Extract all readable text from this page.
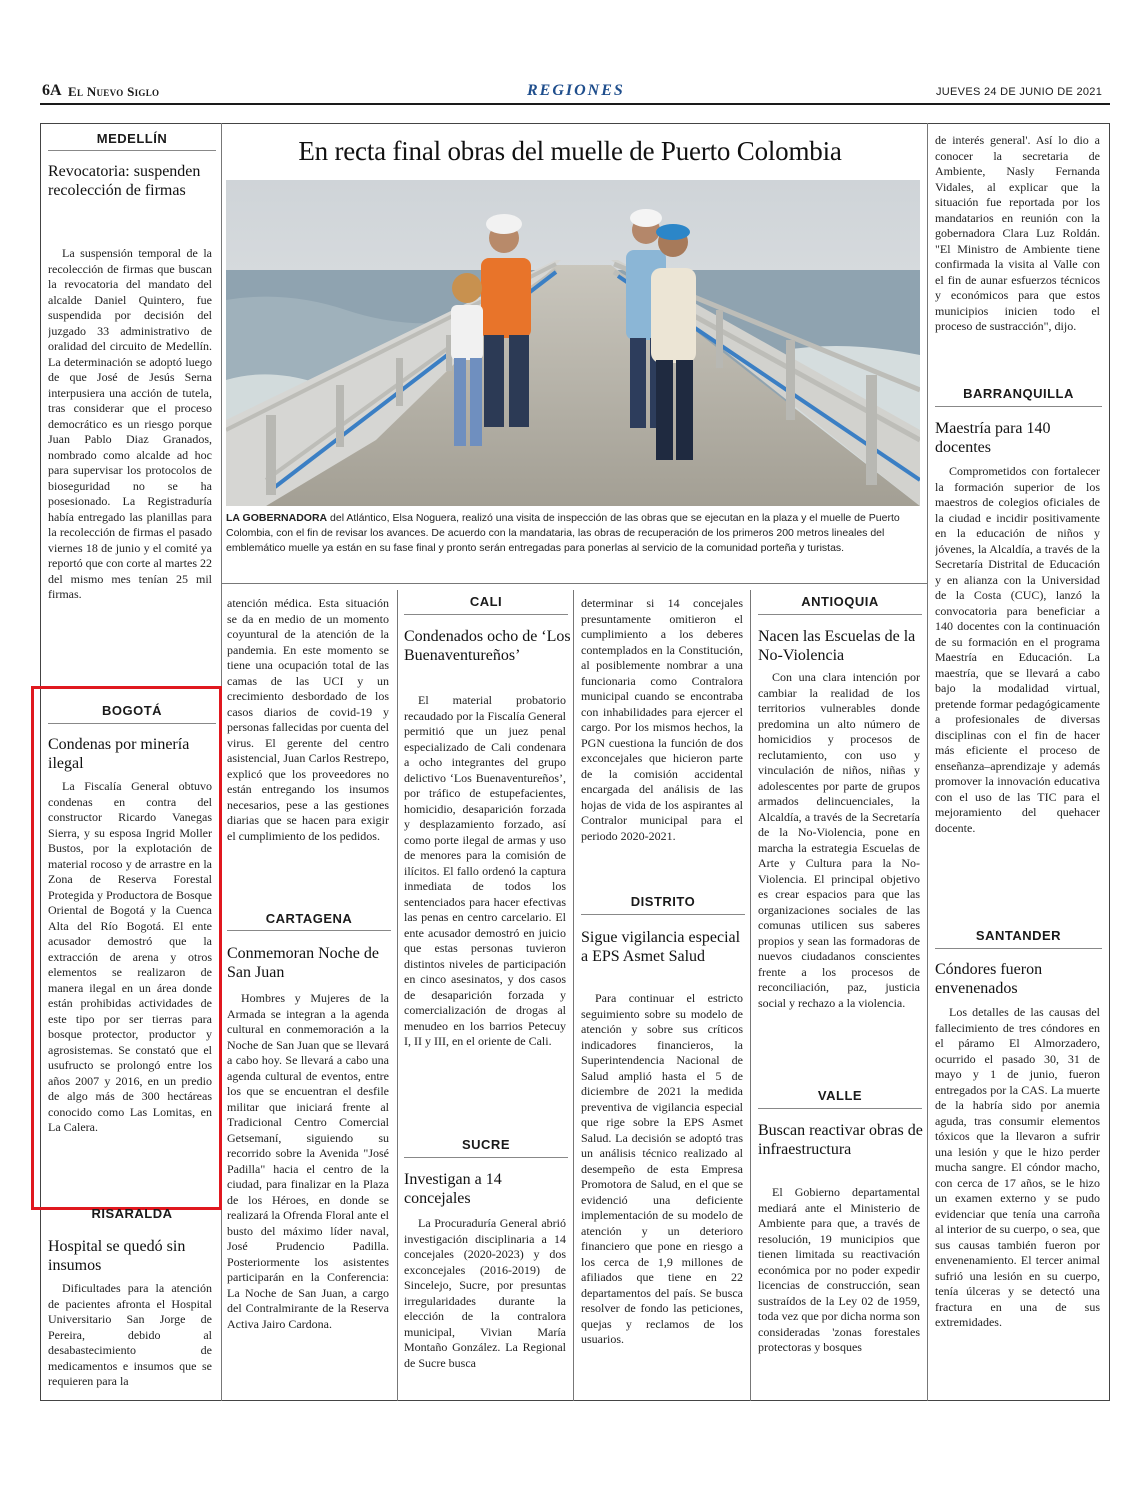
6A El Nuevo Siglo	REGIONES	JUEVES 24 DE JUNIO DE 2021
En recta final obras del muelle de Puerto Colombia
LA GOBERNADORA del Atlántico, Elsa Noguera, realizó una visita de inspección de las obras que se ejecutan en la plaza y el muelle de Puerto Colombia, con el fin de revisar los avances. De acuerdo con la mandataria, las obras de recuperación de los primeros 200 metros lineales del emblemático muelle ya están en su fase final y pronto serán entregadas para ponerlas al servicio de la comunidad porteña y turistas.
MEDELLÍN
Revocatoria: suspenden recolección de firmas
La suspensión temporal de la recolección de firmas que buscan la revocatoria del mandato del alcalde Daniel Quintero, fue suspendida por decisión del juzgado 33 administrativo de oralidad del circuito de Medellín. La determinación se adoptó luego de que José de Jesús Serna interpusiera una acción de tutela, tras considerar que el proceso democrático es un riesgo porque Juan Pablo Diaz Granados, nombrado como alcalde ad hoc para supervisar los protocolos de bioseguridad no se ha posesionado. La Registraduría había entregado las planillas para la recolección de firmas el pasado viernes 18 de junio y el comité ya reportó que con corte al martes 22 del mismo mes tenían 25 mil firmas.
BOGOTÁ
Condenas por minería ilegal
La Fiscalía General obtuvo condenas en contra del constructor Ricardo Vanegas Sierra, y su esposa Ingrid Moller Bustos, por la explotación de material rocoso y de arrastre en la Zona de Reserva Forestal Protegida y Productora de Bosque Oriental de Bogotá y la Cuenca Alta del Río Bogotá. El ente acusador demostró que la extracción de arena y otros elementos se realizaron de manera ilegal en un área donde están prohibidas actividades de este tipo por ser tierras para bosque protector, productor y agrosistemas. Se constató que el usufructo se prolongó entre los años 2007 y 2016, en un predio de algo más de 300 hectáreas conocido como Las Lomitas, en La Calera.
RISARALDA
Hospital se quedó sin insumos
Dificultades para la atención de pacientes afronta el Hospital Universitario San Jorge de Pereira, debido al desabastecimiento de medicamentos e insumos que se requieren para la
atención médica. Esta situación se da en medio de un momento coyuntural de la atención de la pandemia. En este momento se tiene una ocupación total de las camas de las UCI y un crecimiento desbordado de los casos diarios de covid-19 y personas fallecidas por cuenta del virus. El gerente del centro asistencial, Juan Carlos Restrepo, explicó que los proveedores no están entregando los insumos necesarios, pese a las gestiones diarias que se hacen para exigir el cumplimiento de los pedidos.
CARTAGENA
Conmemoran Noche de San Juan
Hombres y Mujeres de la Armada se integran a la agenda cultural en conmemoración a la Noche de San Juan que se llevará a cabo hoy. Se llevará a cabo una agenda cultural de eventos, entre los que se encuentran el desfile militar que iniciará frente al Tradicional Centro Comercial Getsemaní, siguiendo su recorrido sobre la Avenida "José Padilla" hacia el centro de la ciudad, para finalizar en la Plaza de los Héroes, en donde se realizará la Ofrenda Floral ante el busto del máximo líder naval, José Prudencio Padilla. Posteriormente los asistentes participarán en la Conferencia: La Noche de San Juan, a cargo del Contralmirante de la Reserva Activa Jairo Cardona.
CALI
Condenados ocho de ‘Los Buenaventureños’
El material probatorio recaudado por la Fiscalía General permitió que un juez penal especializado de Cali condenara a ocho integrantes del grupo delictivo ‘Los Buenaventureños’, por tráfico de estupefacientes, homicidio, desaparición forzada y desplazamiento forzado, así como porte ilegal de armas y uso de menores para la comisión de ilícitos. El fallo ordenó la captura inmediata de todos los sentenciados para hacer efectivas las penas en centro carcelario. El ente acusador demostró en juicio que estas personas tuvieron distintos niveles de participación en cinco asesinatos, y dos casos de desaparición forzada y comercialización de drogas al menudeo en los barrios Petecuy I, II y III, en el oriente de Cali.
SUCRE
Investigan a 14 concejales
La Procuraduría General abrió investigación disciplinaria a 14 concejales (2020-2023) y dos exconcejales (2016-2019) de Sincelejo, Sucre, por presuntas irregularidades durante la elección de la contralora municipal, Vivian María Montaño González. La Regional de Sucre busca
determinar si 14 concejales presuntamente omitieron el cumplimiento a los deberes contemplados en la Constitución, al posiblemente nombrar a una funcionaria como Contralora municipal cuando se encontraba con inhabilidades para ejercer el cargo. Por los mismos hechos, la PGN cuestiona la función de dos exconcejales que hicieron parte de la comisión accidental encargada del análisis de las hojas de vida de los aspirantes al Contralor municipal para el periodo 2020-2021.
DISTRITO
Sigue vigilancia especial a EPS Asmet Salud
Para continuar el estricto seguimiento sobre su modelo de atención y sobre sus críticos indicadores financieros, la Superintendencia Nacional de Salud amplió hasta el 5 de diciembre de 2021 la medida preventiva de vigilancia especial que rige sobre la EPS Asmet Salud. La decisión se adoptó tras un análisis técnico realizado al desempeño de esta Empresa Promotora de Salud, en el que se evidenció una deficiente implementación de su modelo de atención y un deterioro financiero que pone en riesgo a los cerca de 1,9 millones de afiliados que tiene en 22 departamentos del país. Se busca resolver de fondo las peticiones, quejas y reclamos de los usuarios.
ANTIOQUIA
Nacen las Escuelas de la No-Violencia
Con una clara intención por cambiar la realidad de los territorios vulnerables donde predomina un alto número de homicidios y procesos de reclutamiento, con uso y vinculación de niños, niñas y adolescentes por parte de grupos armados delincuenciales, la Alcaldía, a través de la Secretaría de la No-Violencia, pone en marcha la estrategia Escuelas de Arte y Cultura para la No-Violencia. El principal objetivo es crear espacios para que las organizaciones sociales de las comunas utilicen sus saberes propios y sean las formadoras de nuevos ciudadanos conscientes frente a los procesos de reconciliación, paz, justicia social y rechazo a la violencia.
VALLE
Buscan reactivar obras de infraestructura
El Gobierno departamental mediará ante el Ministerio de Ambiente para que, a través de resolución, 19 municipios que tienen limitada su reactivación económica por no poder expedir licencias de construcción, sean sustraídos de la Ley 02 de 1959, toda vez que por dicha norma son consideradas 'zonas forestales protectoras y bosques
de interés general'. Así lo dio a conocer la secretaria de Ambiente, Nasly Fernanda Vidales, al explicar que la situación fue reportada por los mandatarios en reunión con la gobernadora Clara Luz Roldán. "El Ministro de Ambiente tiene confirmada la visita al Valle con el fin de aunar esfuerzos técnicos y económicos para que estos municipios inicien todo el proceso de sustracción", dijo.
BARRANQUILLA
Maestría para 140 docentes
Comprometidos con fortalecer la formación superior de los maestros de colegios oficiales de la ciudad e incidir positivamente en la educación de niños y jóvenes, la Alcaldía, a través de la Secretaría Distrital de Educación y en alianza con la Universidad de la Costa (CUC), lanzó la convocatoria para beneficiar a 140 docentes con la continuación de su formación en el programa Maestría en Educación. La maestría, que se llevará a cabo bajo la modalidad virtual, pretende formar pedagógicamente a profesionales de diversas disciplinas con el fin de hacer más eficiente el proceso de enseñanza–aprendizaje y además promover la innovación educativa con el uso de las TIC para el mejoramiento del quehacer docente.
SANTANDER
Cóndores fueron envenenados
Los detalles de las causas del fallecimiento de tres cóndores en el páramo El Almorzadero, ocurrido el pasado 30, 31 de mayo y 1 de junio, fueron entregados por la CAS. La muerte de la habría sido por anemia aguda, tras consumir elementos tóxicos que la llevaron a sufrir una lesión y que le hizo perder mucha sangre. El cóndor macho, con cerca de 17 años, se le hizo un examen externo y se pudo evidenciar que tenía una carroña al interior de su cuerpo, o sea, que sus causas también fueron por envenenamiento. El tercer animal sufrió una lesión en su cuerpo, tenía úlceras y se detectó una fractura en una de sus extremidades.
